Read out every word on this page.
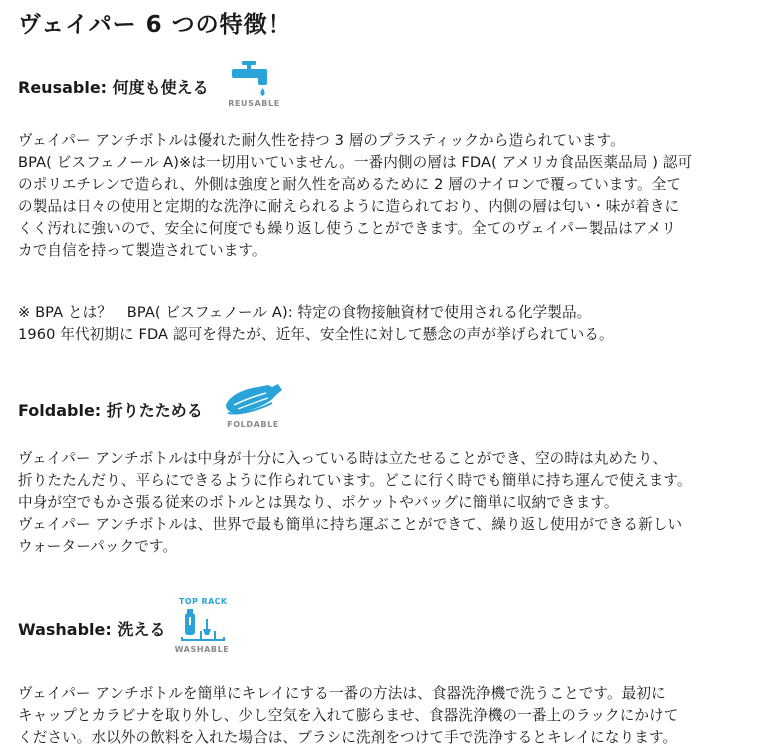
ヴェイパー 6 つの特徴！
Reusable: 何度も使える
REUSABLE

ヴェイパー アンチボトルは優れた耐久性を持つ 3 層のプラスティックから造られています。

BPA( ビスフェノール A)※は一切用いていません。一番内側の層は FDA( アメリカ食品医薬品局 ) 認可

のポリエチレンで造られ、外側は強度と耐久性を高めるために 2 層のナイロンで覆っています。全て

の製品は日々の使用と定期的な洗浄に耐えられるように造られており、内側の層は匂い・味が着きに

くく汚れに強いので、安全に何度でも繰り返し使うことができます。全てのヴェイパー製品はアメリ

カで自信を持って製造されています。

※ BPA とは？　BPA( ビスフェノール A): 特定の食物接触資材で使用される化学製品。

1960 年代初期に FDA 認可を得たが、近年、安全性に対して懸念の声が挙げられている。

Foldable: 折りたためる
FOLDABLE

ヴェイパー アンチボトルは中身が十分に入っている時は立たせることができ、空の時は丸めたり、

折りたたんだり、平らにできるように作られています。どこに行く時でも簡単に持ち運んで使えます。

中身が空でもかさ張る従来のボトルとは異なり、ポケットやバッグに簡単に収納できます。

ヴェイパー アンチボトルは、世界で最も簡単に持ち運ぶことができて、繰り返し使用ができる新しい

ウォーターパックです。

Washable: 洗える
TOP RACK
WASHABLE

ヴェイパー アンチボトルを簡単にキレイにする一番の方法は、食器洗浄機で洗うことです。最初に

キャップとカラビナを取り外し、少し空気を入れて膨らませ、食器洗浄機の一番上のラックにかけて

ください。水以外の飲料を入れた場合は、ブラシに洗剤をつけて手で洗浄するとキレイになります。
